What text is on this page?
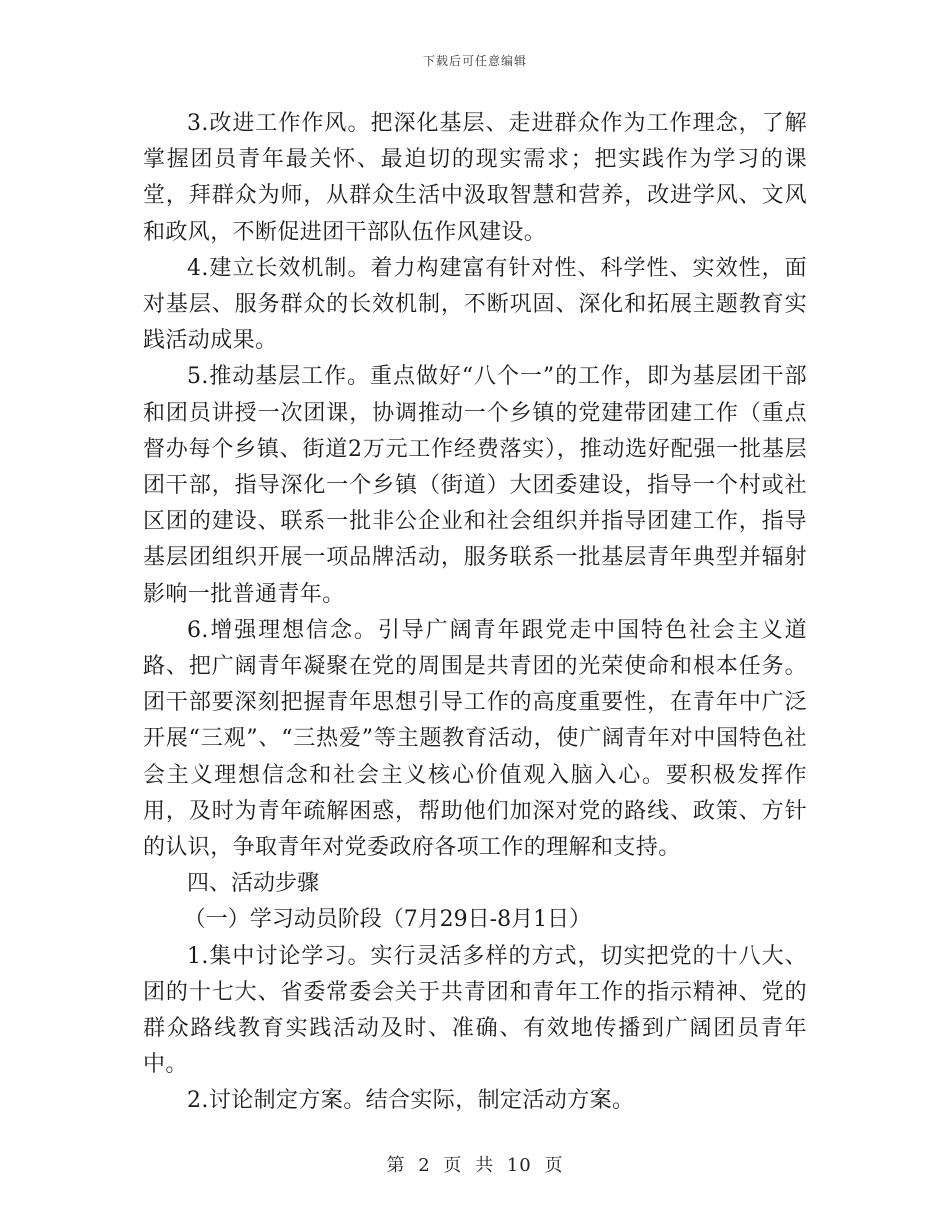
下载后可任意编辑

3.改进工作作风。把深化基层、走进群众作为工作理念，了解掌握团员青年最关怀、最迫切的现实需求；把实践作为学习的课堂，拜群众为师，从群众生活中汲取智慧和营养，改进学风、文风和政风，不断促进团干部队伍作风建设。

4.建立长效机制。着力构建富有针对性、科学性、实效性，面对基层、服务群众的长效机制，不断巩固、深化和拓展主题教育实践活动成果。

5.推动基层工作。重点做好“八个一”的工作，即为基层团干部和团员讲授一次团课，协调推动一个乡镇的党建带团建工作（重点督办每个乡镇、街道2万元工作经费落实），推动选好配强一批基层团干部，指导深化一个乡镇（街道）大团委建设，指导一个村或社区团的建设、联系一批非公企业和社会组织并指导团建工作，指导基层团组织开展一项品牌活动，服务联系一批基层青年典型并辐射影响一批普通青年。

6.增强理想信念。引导广阔青年跟党走中国特色社会主义道路、把广阔青年凝聚在党的周围是共青团的光荣使命和根本任务。团干部要深刻把握青年思想引导工作的高度重要性，在青年中广泛开展“三观”、“三热爱”等主题教育活动，使广阔青年对中国特色社会主义理想信念和社会主义核心价值观入脑入心。要积极发挥作用，及时为青年疏解困惑，帮助他们加深对党的路线、政策、方针的认识，争取青年对党委政府各项工作的理解和支持。

四、活动步骤

（一）学习动员阶段（7月29日-8月1日）

1.集中讨论学习。实行灵活多样的方式，切实把党的十八大、团的十七大、省委常委会关于共青团和青年工作的指示精神、党的群众路线教育实践活动及时、准确、有效地传播到广阔团员青年中。

2.讨论制定方案。结合实际，制定活动方案。

第 2 页 共 10 页
